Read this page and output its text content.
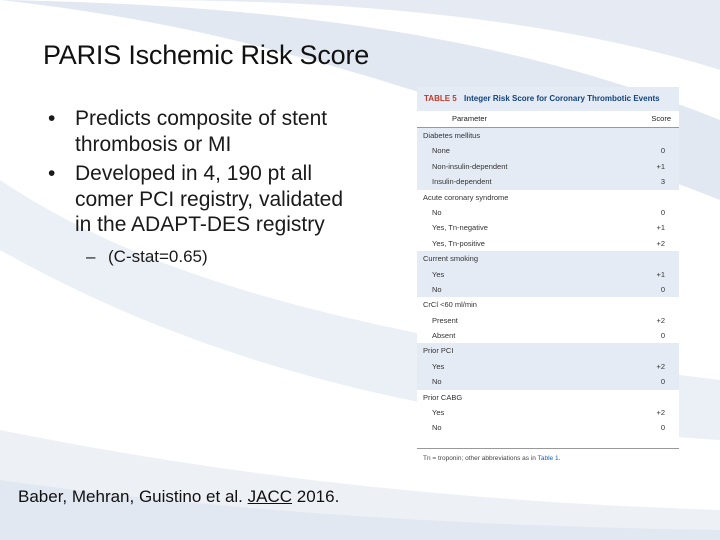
PARIS Ischemic Risk Score
• Predicts composite of stent thrombosis or MI
• Developed in 4, 190 pt all comer PCI registry, validated in the ADAPT-DES registry
– (C-stat=0.65)
Baber, Mehran, Guistino et al. JACC 2016.
TABLE 5 Integer Risk Score for Coronary Thrombotic Events
Parameter	Score
Diabetes mellitus
None	0
Non-insulin-dependent	+1
Insulin-dependent	3
Acute coronary syndrome
No	0
Yes, Tn-negative	+1
Yes, Tn-positive	+2
Current smoking
Yes	+1
No	0
CrCl <60 ml/min
Present	+2
Absent	0
Prior PCI
Yes	+2
No	0
Prior CABG
Yes	+2
No	0
Tn = troponin; other abbreviations as in Table 1.
